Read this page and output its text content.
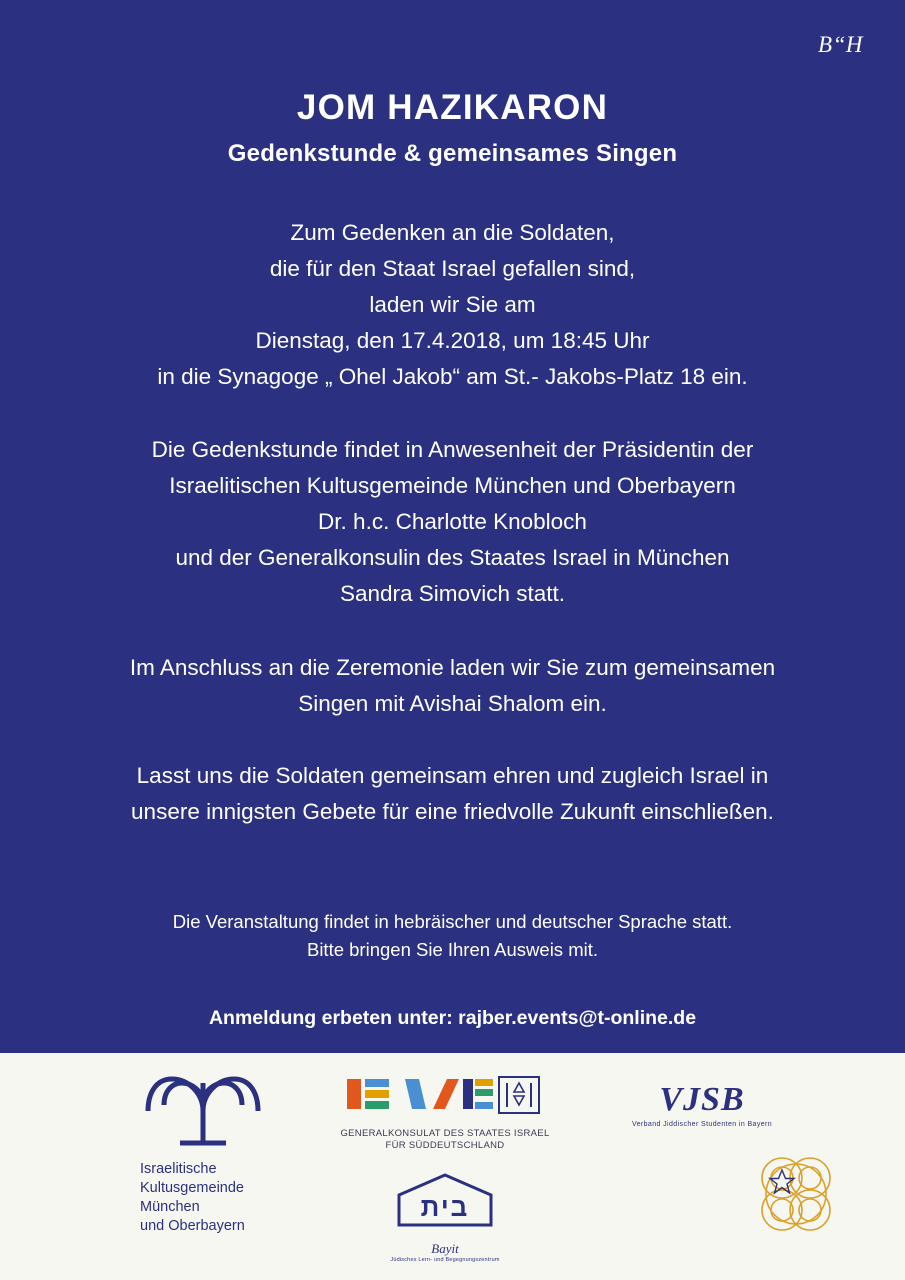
B“H
JOM HAZIKARON
Gedenkstunde & gemeinsames Singen
Zum Gedenken an die Soldaten,
die für den Staat Israel gefallen sind,
laden wir Sie am
Dienstag, den 17.4.2018, um 18:45 Uhr
in die Synagoge „ Ohel Jakob“ am St.- Jakobs-Platz 18 ein.
Die Gedenkstunde findet in Anwesenheit der Präsidentin der
Israelitischen Kultusgemeinde München und Oberbayern
Dr. h.c. Charlotte Knobloch
und der Generalkonsulin des Staates Israel in München
Sandra Simovich statt.
Im Anschluss an die Zeremonie laden wir Sie zum gemeinsamen
Singen mit Avishai Shalom ein.
Lasst uns die Soldaten gemeinsam ehren und zugleich Israel in
unsere innigsten Gebete für eine friedvolle Zukunft einschließen.
Die Veranstaltung findet in hebräischer und deutscher Sprache statt.
Bitte bringen Sie Ihren Ausweis mit.
Anmeldung erbeten unter: rajber.events@t-online.de
Israelitische
Kultusgemeinde
München
und Oberbayern
GENERALKONSULAT DES STAATES ISRAEL
FÜR SÜDDEUTSCHLAND
VJSB
Verband Jiddischer Studenten in Bayern
בית
Bayit
Jüdisches Lern- und Begegnungszentrum
